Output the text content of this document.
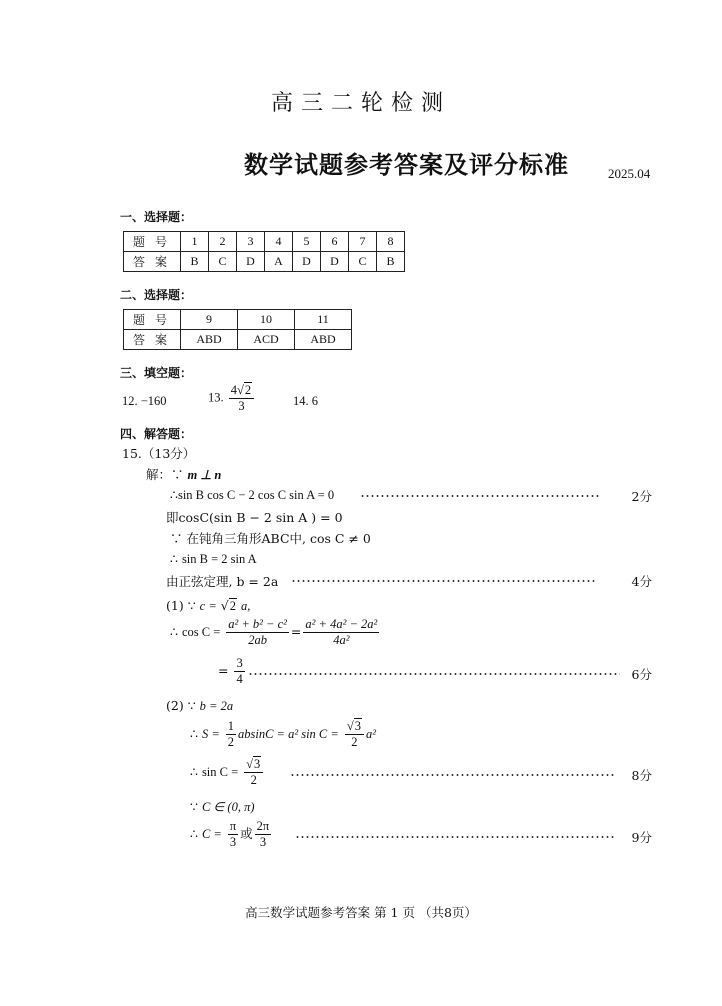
高三二轮检测
数学试题参考答案及评分标准	2025.04
一、选择题：
题号	1	2	3	4	5	6	7	8
答案	B	C	D	A	D	D	C	B
二、选择题：
题号	9	10	11
答案	ABD	ACD	ABD
三、填空题：
12. −160	13. $\frac{4√2}{3}$	14. 6
四、解答题：
15.（13分）
解：∵ m ⊥ n
∴sin B cos C − 2 cos C sin A = 0	2分
即cosC(sin B − 2 sin A ) = 0
∵ 在钝角三角形ABC中, cos C ≠ 0
∴ sin B = 2 sin A
由正弦定理, b = 2a	4分
(1) ∵ c = √2 a,
∴ $\cos C = \frac{\text{a² + b² − c²}}{2ab} = \frac{\text{a² + 4a² − 2a²}}{\text{4a²}}$
= $\frac{3}{4}$	6分
(2) ∵ b = 2a
∴ $S = \frac{1}{2}$ absinC = a² $\sin C = \frac{√3}{2} a^2$
∴ $\sin C = \frac{√3}{2}$	8分
∵ C ∈ (0, π)
∴ $C = \frac{\pi}{3}$ 或 $\frac{2\pi}{3}$	9分
高三数学试题参考答案 第 1 页 （共8页）
